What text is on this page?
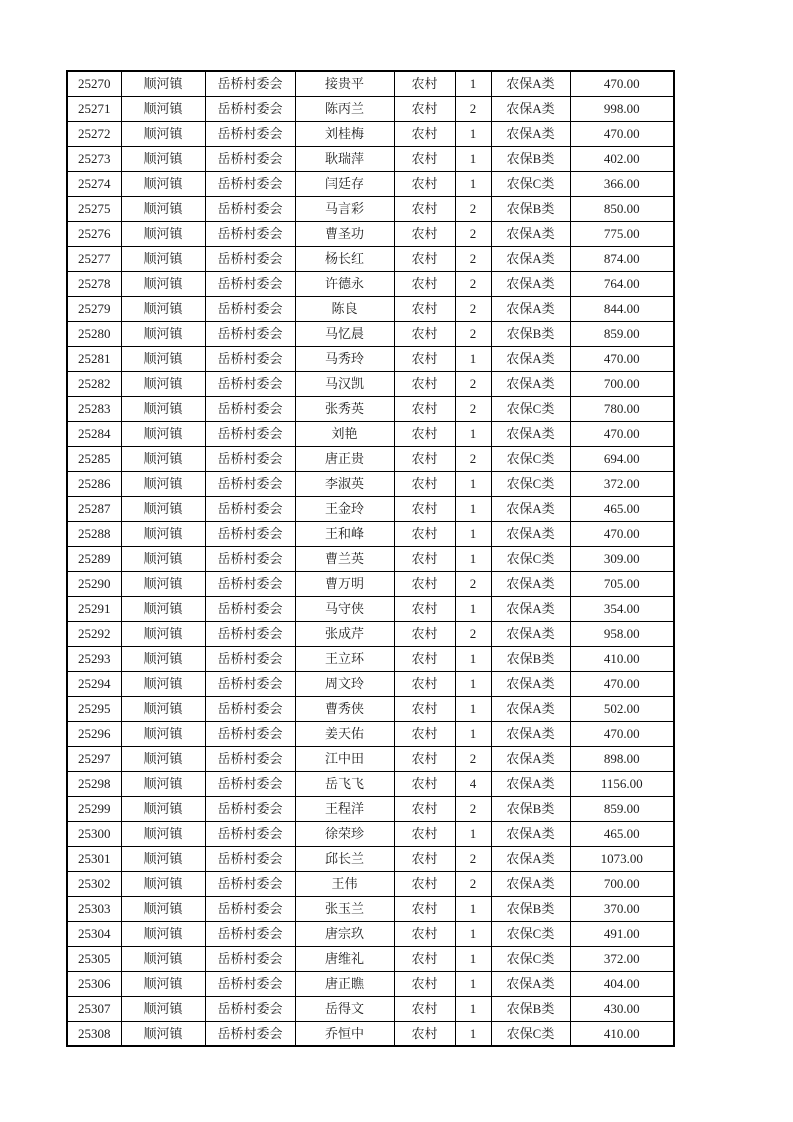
25270	顺河镇	岳桥村委会	接贵平	农村	1	农保A类	470.00
25271	顺河镇	岳桥村委会	陈丙兰	农村	2	农保A类	998.00
25272	顺河镇	岳桥村委会	刘桂梅	农村	1	农保A类	470.00
25273	顺河镇	岳桥村委会	耿瑞萍	农村	1	农保B类	402.00
25274	顺河镇	岳桥村委会	闫廷存	农村	1	农保C类	366.00
25275	顺河镇	岳桥村委会	马言彩	农村	2	农保B类	850.00
25276	顺河镇	岳桥村委会	曹圣功	农村	2	农保A类	775.00
25277	顺河镇	岳桥村委会	杨长红	农村	2	农保A类	874.00
25278	顺河镇	岳桥村委会	许德永	农村	2	农保A类	764.00
25279	顺河镇	岳桥村委会	陈良	农村	2	农保A类	844.00
25280	顺河镇	岳桥村委会	马忆晨	农村	2	农保B类	859.00
25281	顺河镇	岳桥村委会	马秀玲	农村	1	农保A类	470.00
25282	顺河镇	岳桥村委会	马汉凯	农村	2	农保A类	700.00
25283	顺河镇	岳桥村委会	张秀英	农村	2	农保C类	780.00
25284	顺河镇	岳桥村委会	刘艳	农村	1	农保A类	470.00
25285	顺河镇	岳桥村委会	唐正贵	农村	2	农保C类	694.00
25286	顺河镇	岳桥村委会	李淑英	农村	1	农保C类	372.00
25287	顺河镇	岳桥村委会	王金玲	农村	1	农保A类	465.00
25288	顺河镇	岳桥村委会	王和峰	农村	1	农保A类	470.00
25289	顺河镇	岳桥村委会	曹兰英	农村	1	农保C类	309.00
25290	顺河镇	岳桥村委会	曹万明	农村	2	农保A类	705.00
25291	顺河镇	岳桥村委会	马守侠	农村	1	农保A类	354.00
25292	顺河镇	岳桥村委会	张成芹	农村	2	农保A类	958.00
25293	顺河镇	岳桥村委会	王立环	农村	1	农保B类	410.00
25294	顺河镇	岳桥村委会	周文玲	农村	1	农保A类	470.00
25295	顺河镇	岳桥村委会	曹秀侠	农村	1	农保A类	502.00
25296	顺河镇	岳桥村委会	姜天佑	农村	1	农保A类	470.00
25297	顺河镇	岳桥村委会	江中田	农村	2	农保A类	898.00
25298	顺河镇	岳桥村委会	岳飞飞	农村	4	农保A类	1156.00
25299	顺河镇	岳桥村委会	王程洋	农村	2	农保B类	859.00
25300	顺河镇	岳桥村委会	徐荣珍	农村	1	农保A类	465.00
25301	顺河镇	岳桥村委会	邱长兰	农村	2	农保A类	1073.00
25302	顺河镇	岳桥村委会	王伟	农村	2	农保A类	700.00
25303	顺河镇	岳桥村委会	张玉兰	农村	1	农保B类	370.00
25304	顺河镇	岳桥村委会	唐宗玖	农村	1	农保C类	491.00
25305	顺河镇	岳桥村委会	唐维礼	农村	1	农保C类	372.00
25306	顺河镇	岳桥村委会	唐正瞧	农村	1	农保A类	404.00
25307	顺河镇	岳桥村委会	岳得文	农村	1	农保B类	430.00
25308	顺河镇	岳桥村委会	乔恒中	农村	1	农保C类	410.00
